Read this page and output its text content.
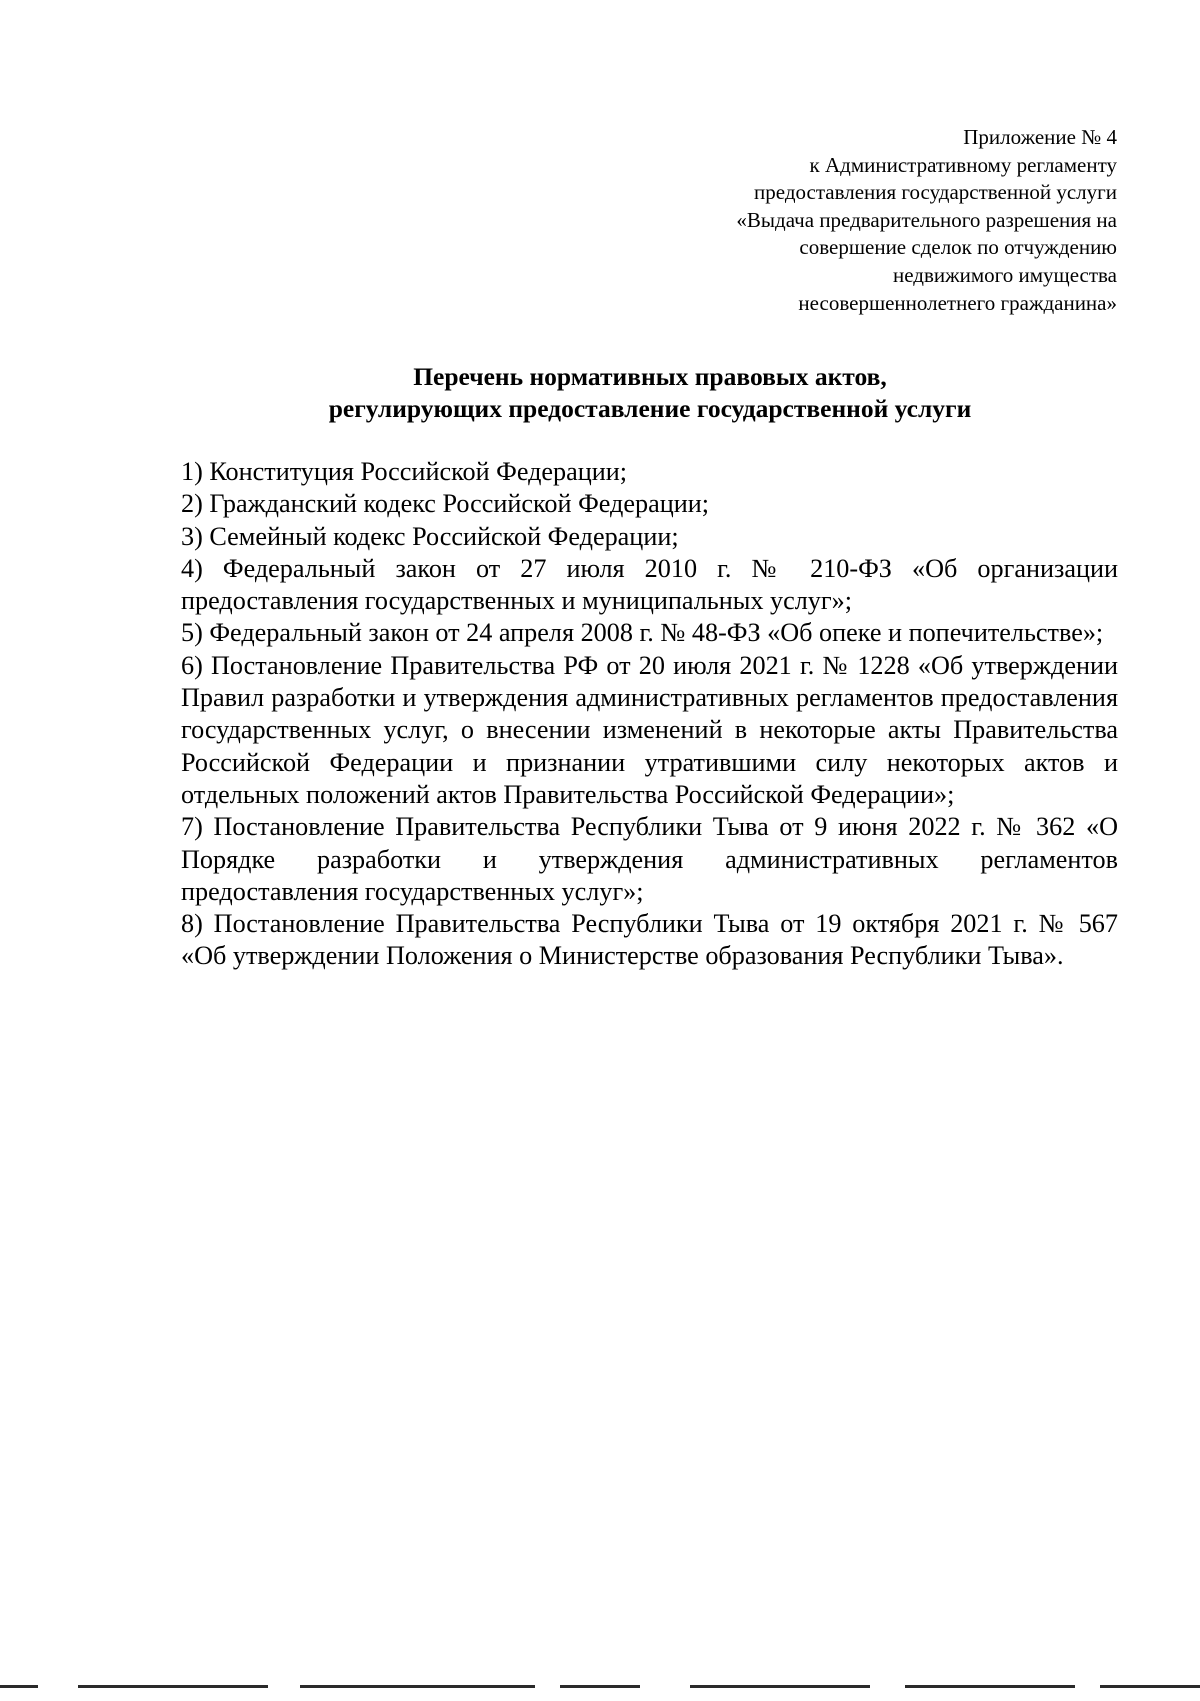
Приложение № 4
к Административному регламенту
предоставления государственной услуги
«Выдача предварительного разрешения на
совершение сделок по отчуждению
недвижимого имущества
несовершеннолетнего гражданина»
Перечень нормативных правовых актов,
регулирующих предоставление государственной услуги
1) Конституция Российской Федерации;
2) Гражданский кодекс Российской Федерации;
3) Семейный кодекс Российской Федерации;
4) Федеральный закон от 27 июля 2010 г. № 210-ФЗ «Об организации предоставления государственных и муниципальных услуг»;
5) Федеральный закон от 24 апреля 2008 г. № 48-ФЗ «Об опеке и попечительстве»;
6) Постановление Правительства РФ от 20 июля 2021 г. № 1228 «Об утверждении Правил разработки и утверждения административных регламентов предоставления государственных услуг, о внесении изменений в некоторые акты Правительства Российской Федерации и признании утратившими силу некоторых актов и отдельных положений актов Правительства Российской Федерации»;
7) Постановление Правительства Республики Тыва от 9 июня 2022 г. № 362 «О Порядке разработки и утверждения административных регламентов предоставления государственных услуг»;
8) Постановление Правительства Республики Тыва от 19 октября 2021 г. № 567 «Об утверждении Положения о Министерстве образования Республики Тыва».
